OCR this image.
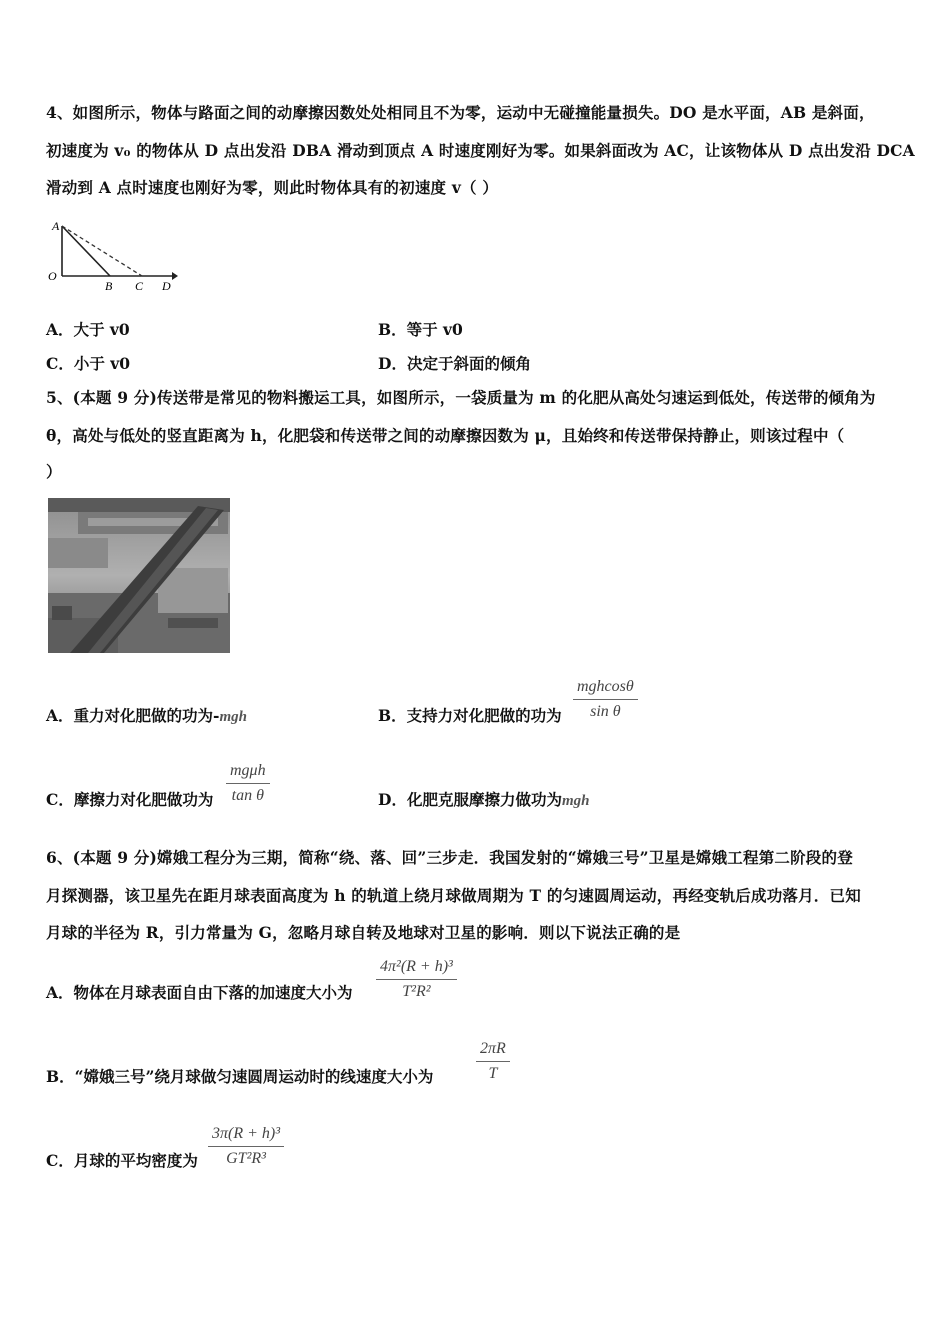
4、如图所示，物体与路面之间的动摩擦因数处处相同且不为零，运动中无碰撞能量损失。DO 是水平面，AB 是斜面，
初速度为 v₀ 的物体从 D 点出发沿 DBA 滑动到顶点 A 时速度刚好为零。如果斜面改为 AC，让该物体从 D 点出发沿 DCA
滑动到 A 点时速度也刚好为零，则此时物体具有的初速度 v（ ）
A
O
B C D
A．大于 v0	B．等于 v0
C．小于 v0	D．决定于斜面的倾角
5、(本题 9 分)传送带是常见的物料搬运工具，如图所示，一袋质量为 m 的化肥从高处匀速运到低处，传送带的倾角为
θ，高处与低处的竖直距离为 h，化肥袋和传送带之间的动摩擦因数为 μ，且始终和传送带保持静止，则该过程中（
）
A．重力对化肥做的功为-mgh	B．支持力对化肥做的功为
mghcosθ
sin θ
C．摩擦力对化肥做功为
mgμh
tan θ	D．化肥克服摩擦力做功为mgh
6、(本题 9 分)嫦娥工程分为三期，简称“绕、落、回”三步走．我国发射的“嫦娥三号”卫星是嫦娥工程第二阶段的登
月探测器，该卫星先在距月球表面高度为 h 的轨道上绕月球做周期为 T 的匀速圆周运动，再经变轨后成功落月．已知
月球的半径为 R，引力常量为 G，忽略月球自转及地球对卫星的影响．则以下说法正确的是
A．物体在月球表面自由下落的加速度大小为
4π²(R + h)³
T²R²
B．“嫦娥三号”绕月球做匀速圆周运动时的线速度大小为
2πR
T
C．月球的平均密度为
3π(R + h)³
GT²R³
